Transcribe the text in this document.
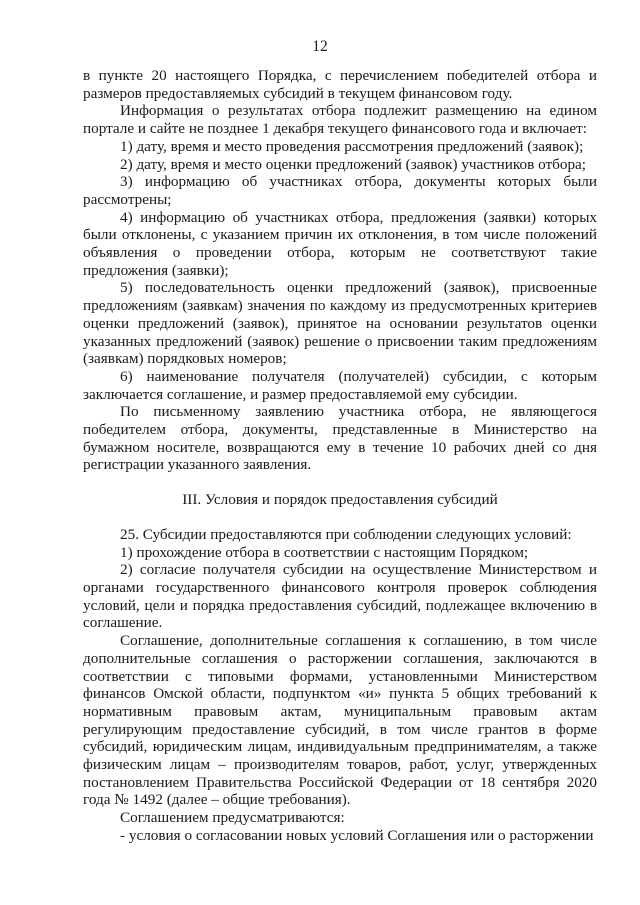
12

в пункте 20 настоящего Порядка, с перечислением победителей отбора и размеров предоставляемых субсидий в текущем финансовом году.

Информация о результатах отбора подлежит размещению на едином портале и сайте не позднее 1 декабря текущего финансового года и включает:

1) дату, время и место проведения рассмотрения предложений (заявок);

2) дату, время и место оценки предложений (заявок) участников отбора;

3) информацию об участниках отбора, документы которых были рассмотрены;

4) информацию об участниках отбора, предложения (заявки) которых были отклонены, с указанием причин их отклонения, в том числе положений объявления о проведении отбора, которым не соответствуют такие предложения (заявки);

5) последовательность оценки предложений (заявок), присвоенные предложениям (заявкам) значения по каждому из предусмотренных критериев оценки предложений (заявок), принятое на основании результатов оценки указанных предложений (заявок) решение о присвоении таким предложениям (заявкам) порядковых номеров;

6) наименование получателя (получателей) субсидии, с которым заключается соглашение, и размер предоставляемой ему субсидии.

По письменному заявлению участника отбора, не являющегося победителем отбора, документы, представленные в Министерство на бумажном носителе, возвращаются ему в течение 10 рабочих дней со дня регистрации указанного заявления.

III. Условия и порядок предоставления субсидий

25. Субсидии предоставляются при соблюдении следующих условий:

1) прохождение отбора в соответствии с настоящим Порядком;

2) согласие получателя субсидии на осуществление Министерством и органами государственного финансового контроля проверок соблюдения условий, цели и порядка предоставления субсидий, подлежащее включению в соглашение.

Соглашение, дополнительные соглашения к соглашению, в том числе дополнительные соглашения о расторжении соглашения, заключаются в соответствии с типовыми формами, установленными Министерством финансов Омской области, подпунктом «и» пункта 5 общих требований к нормативным правовым актам, муниципальным правовым актам регулирующим предоставление субсидий, в том числе грантов в форме субсидий, юридическим лицам, индивидуальным предпринимателям, а также физическим лицам – производителям товаров, работ, услуг, утвержденных постановлением Правительства Российской Федерации от 18 сентября 2020 года № 1492 (далее – общие требования).

Соглашением предусматриваются:

- условия о согласовании новых условий Соглашения или о расторжении
